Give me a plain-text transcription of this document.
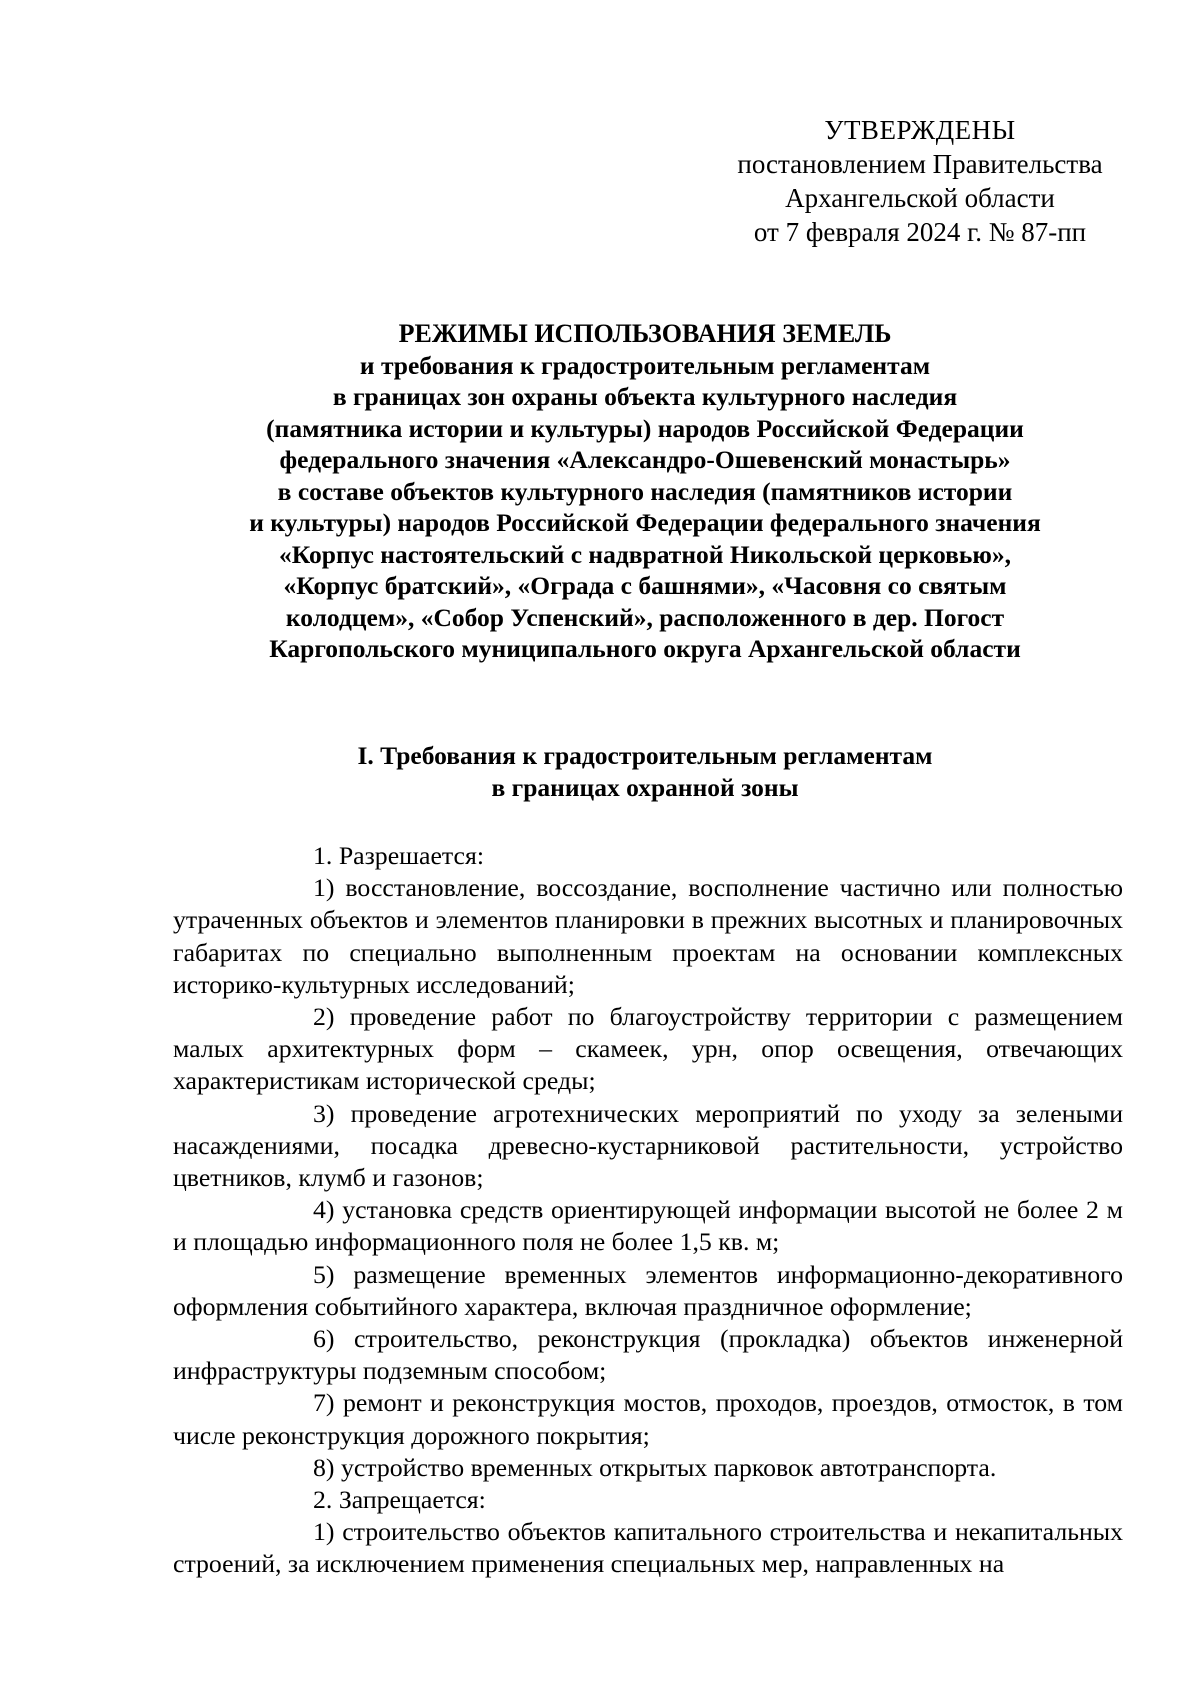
УТВЕРЖДЕНЫ
постановлением Правительства
Архангельской области
от 7 февраля 2024 г. № 87-пп
РЕЖИМЫ ИСПОЛЬЗОВАНИЯ ЗЕМЕЛЬ
и требования к градостроительным регламентам
в границах зон охраны объекта культурного наследия
(памятника истории и культуры) народов Российской Федерации
федерального значения «Александро-Ошевенский монастырь»
в составе объектов культурного наследия (памятников истории
и культуры) народов Российской Федерации федерального значения
«Корпус настоятельский с надвратной Никольской церковью»,
«Корпус братский», «Ограда с башнями», «Часовня со святым
колодцем», «Собор Успенский», расположенного в дер. Погост
Каргопольского муниципального округа Архангельской области
I. Требования к градостроительным регламентам
в границах охранной зоны

1. Разрешается:

1) восстановление, воссоздание, восполнение частично или полностью утраченных объектов и элементов планировки в прежних высотных и планировочных габаритах по специально выполненным проектам на основании комплексных историко-культурных исследований;

2) проведение работ по благоустройству территории с размещением малых архитектурных форм – скамеек, урн, опор освещения, отвечающих характеристикам исторической среды;

3) проведение агротехнических мероприятий по уходу за зелеными насаждениями, посадка древесно-кустарниковой растительности, устройство цветников, клумб и газонов;

4) установка средств ориентирующей информации высотой не более 2 м и площадью информационного поля не более 1,5 кв. м;

5) размещение временных элементов информационно-декоративного оформления событийного характера, включая праздничное оформление;

6) строительство, реконструкция (прокладка) объектов инженерной инфраструктуры подземным способом;

7) ремонт и реконструкция мостов, проходов, проездов, отмосток, в том числе реконструкция дорожного покрытия;

8) устройство временных открытых парковок автотранспорта.

2. Запрещается:

1) строительство объектов капитального строительства и некапитальных строений, за исключением применения специальных мер, направленных на
